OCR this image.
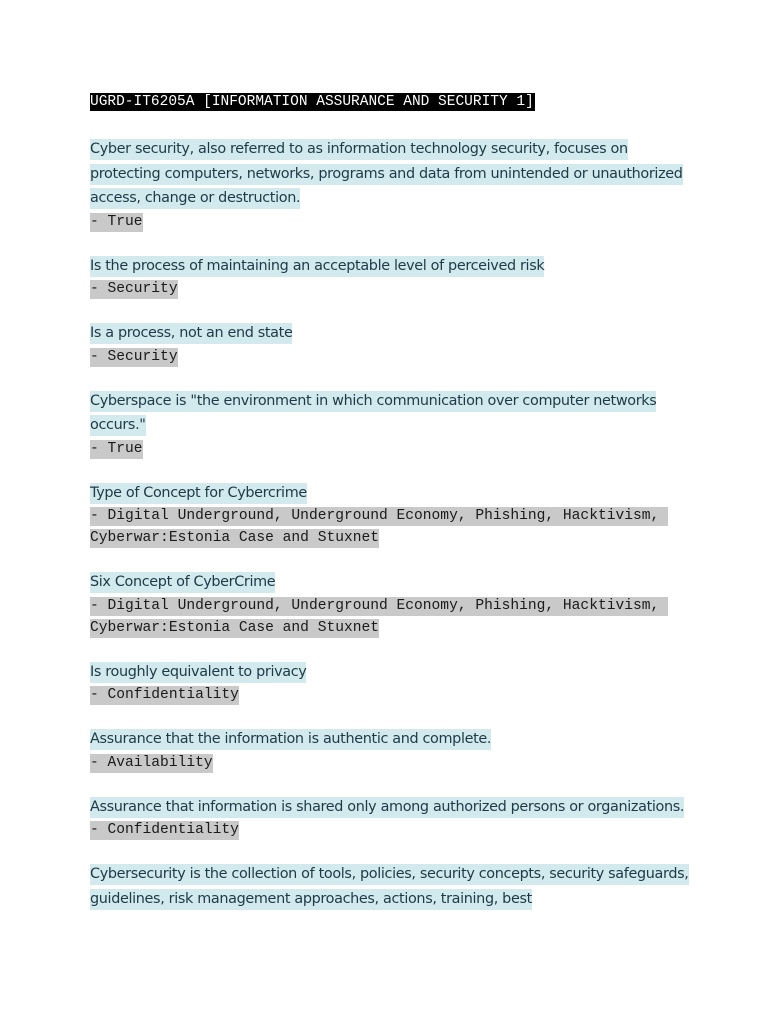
UGRD-IT6205A [INFORMATION ASSURANCE AND SECURITY 1]

Cyber security, also referred to as information technology security, focuses on protecting computers, networks, programs and data from unintended or unauthorized access, change or destruction.

- True

Is the process of maintaining an acceptable level of perceived risk

- Security

Is a process, not an end state

- Security

Cyberspace is "the environment in which communication over computer networks occurs."

- True

Type of Concept for Cybercrime

- Digital Underground, Underground Economy, Phishing, Hacktivism, Cyberwar:Estonia Case and Stuxnet

Six Concept of CyberCrime

- Digital Underground, Underground Economy, Phishing, Hacktivism, Cyberwar:Estonia Case and Stuxnet

Is roughly equivalent to privacy

- Confidentiality

Assurance that the information is authentic and complete.

- Availability

Assurance that information is shared only among authorized persons or organizations.

- Confidentiality

Cybersecurity is the collection of tools, policies, security concepts, security safeguards, guidelines, risk management approaches, actions, training, best
